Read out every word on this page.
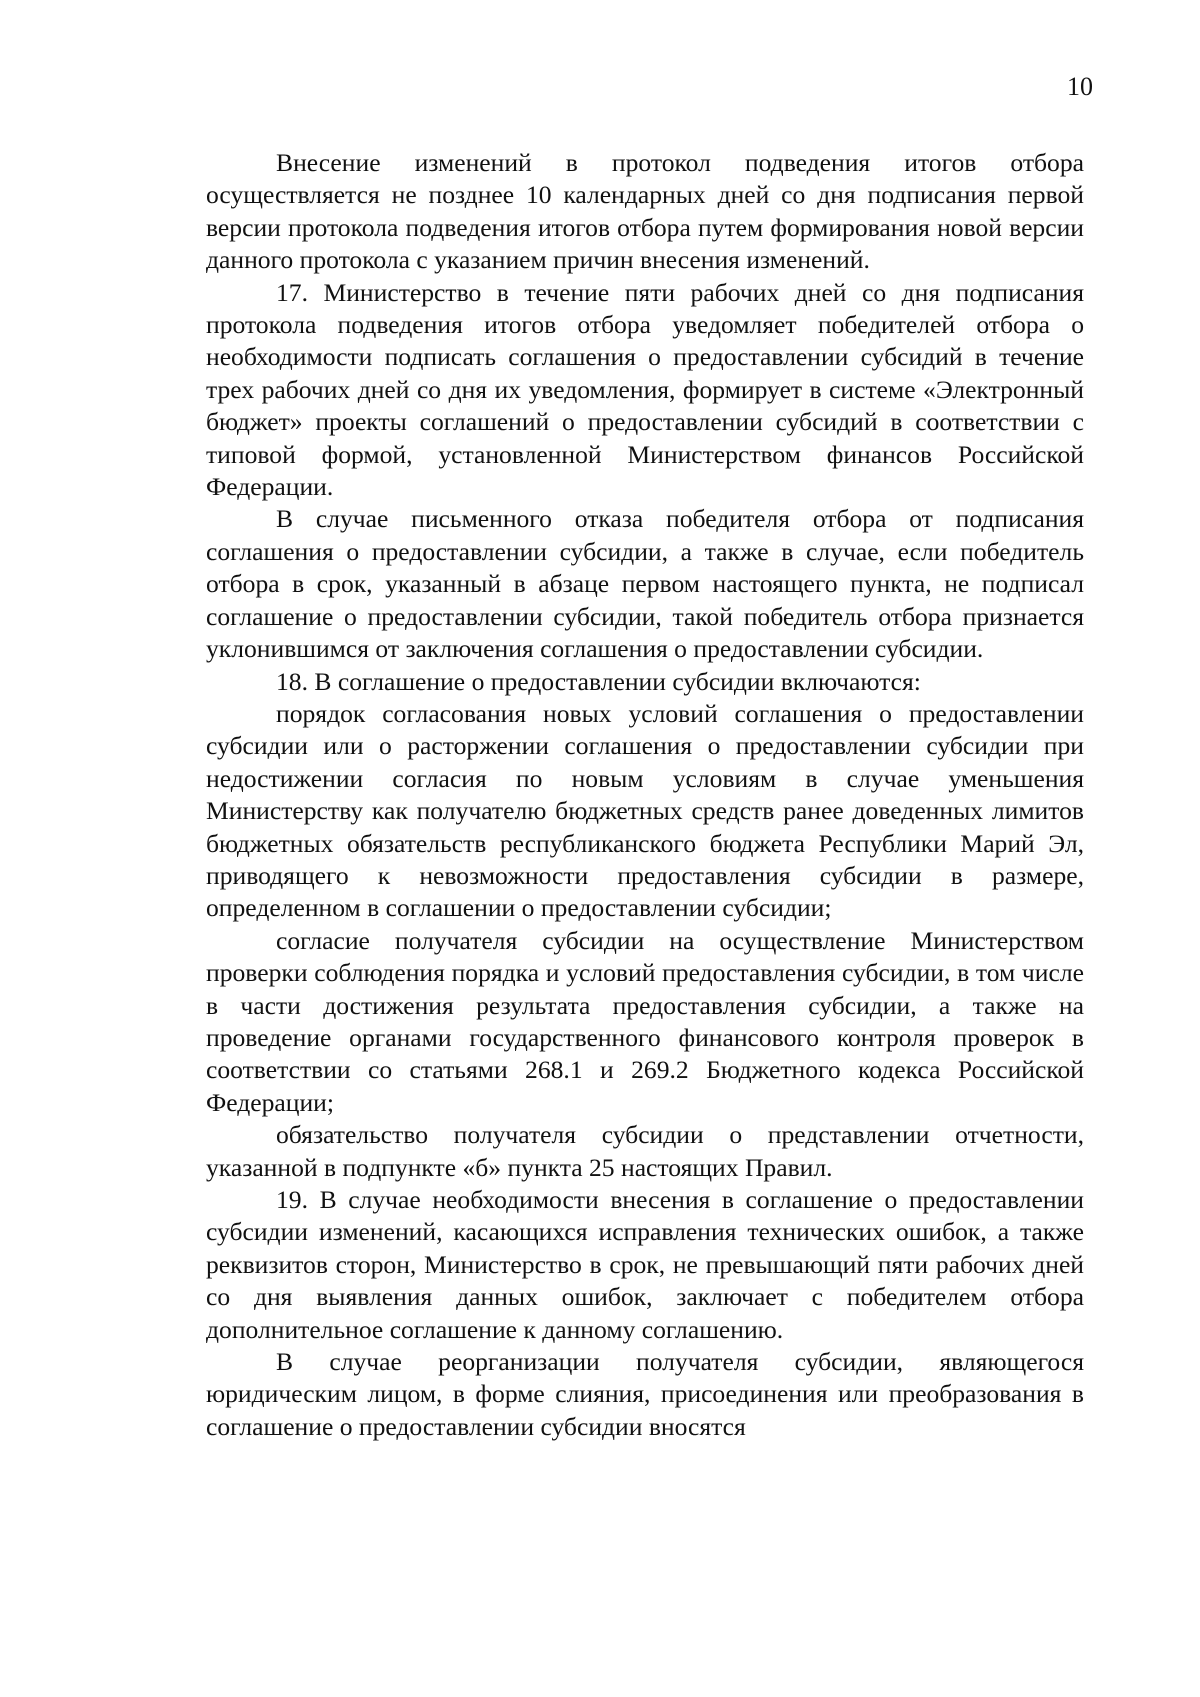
10

Внесение изменений в протокол подведения итогов отбора осуществляется не позднее 10 календарных дней со дня подписания первой версии протокола подведения итогов отбора путем формирования новой версии данного протокола с указанием причин внесения изменений.

17. Министерство в течение пяти рабочих дней со дня подписания протокола подведения итогов отбора уведомляет победителей отбора о необходимости подписать соглашения о предоставлении субсидий в течение трех рабочих дней со дня их уведомления, формирует в системе «Электронный бюджет» проекты соглашений о предоставлении субсидий в соответствии с типовой формой, установленной Министерством финансов Российской Федерации.

В случае письменного отказа победителя отбора от подписания соглашения о предоставлении субсидии, а также в случае, если победитель отбора в срок, указанный в абзаце первом настоящего пункта, не подписал соглашение о предоставлении субсидии, такой победитель отбора признается уклонившимся от заключения соглашения о предоставлении субсидии.

18. В соглашение о предоставлении субсидии включаются:

порядок согласования новых условий соглашения о предоставлении субсидии или о расторжении соглашения о предоставлении субсидии при недостижении согласия по новым условиям в случае уменьшения Министерству как получателю бюджетных средств ранее доведенных лимитов бюджетных обязательств республиканского бюджета Республики Марий Эл, приводящего к невозможности предоставления субсидии в размере, определенном в соглашении о предоставлении субсидии;

согласие получателя субсидии на осуществление Министерством проверки соблюдения порядка и условий предоставления субсидии, в том числе в части достижения результата предоставления субсидии, а также на проведение органами государственного финансового контроля проверок в соответствии со статьями 268.1 и 269.2 Бюджетного кодекса Российской Федерации;

обязательство получателя субсидии о представлении отчетности, указанной в подпункте «б» пункта 25 настоящих Правил.

19. В случае необходимости внесения в соглашение о предоставлении субсидии изменений, касающихся исправления технических ошибок, а также реквизитов сторон, Министерство в срок, не превышающий пяти рабочих дней со дня выявления данных ошибок, заключает с победителем отбора дополнительное соглашение к данному соглашению.

В случае реорганизации получателя субсидии, являющегося юридическим лицом, в форме слияния, присоединения или преобразования в соглашение о предоставлении субсидии вносятся
